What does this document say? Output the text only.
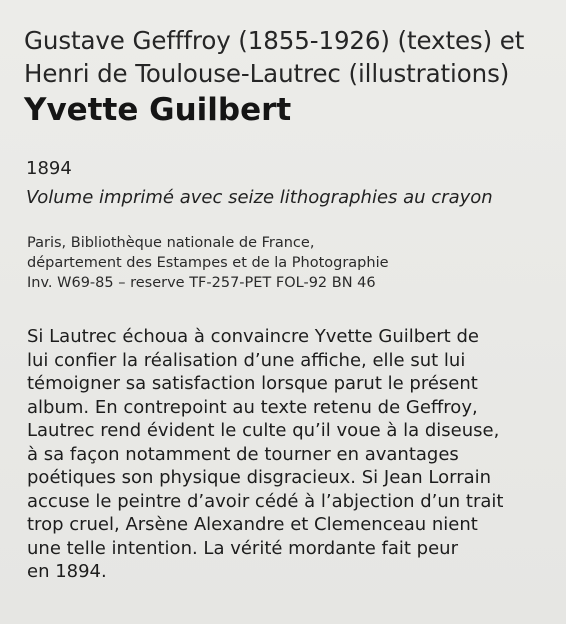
Gustave Gefffroy (1855-1926) (textes) et
Henri de Toulouse-Lautrec (illustrations)
Yvette Guilbert
1894
Volume imprimé avec seize lithographies au crayon
Paris, Bibliothèque nationale de France,
département des Estampes et de la Photographie
Inv. W69-85 – reserve TF-257-PET FOL-92 BN 46
Si Lautrec échoua à convaincre Yvette Guilbert de
lui confier la réalisation d’une affiche, elle sut lui
témoigner sa satisfaction lorsque parut le présent
album. En contrepoint au texte retenu de Geffroy,
Lautrec rend évident le culte qu’il voue à la diseuse,
à sa façon notamment de tourner en avantages
poétiques son physique disgracieux. Si Jean Lorrain
accuse le peintre d’avoir cédé à l’abjection d’un trait
trop cruel, Arsène Alexandre et Clemenceau nient
une telle intention. La vérité mordante fait peur
en 1894.
